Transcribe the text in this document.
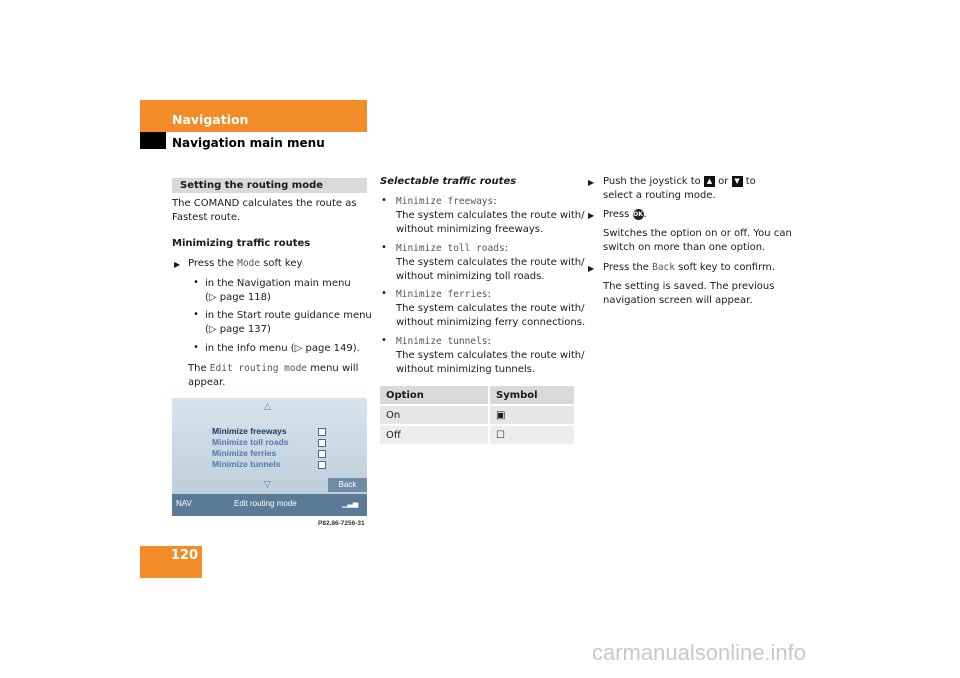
Navigation
Navigation main menu
Setting the routing mode
The COMAND calculates the route as
Fastest route.
Minimizing traffic routes
▶ Press the Mode soft key
• in the Navigation main menu
(▷ page 118)
• in the Start route guidance menu
(▷ page 137)
• in the Info menu (▷ page 149).
The Edit routing mode menu will
appear.
△
Minimize freeways
Minimize toll roads
Minimize ferries
Minimize tunnels
▽	Back
NAV	Edit routing mode	▁▃▅
P82.86-7256-31
Selectable traffic routes
• Minimize freeways:
The system calculates the route with/
without minimizing freeways.
• Minimize toll roads:
The system calculates the route with/
without minimizing toll roads.
• Minimize ferries:
The system calculates the route with/
without minimizing ferry connections.
• Minimize tunnels:
The system calculates the route with/
without minimizing tunnels.
Option	Symbol
On	▣
Off	☐
▶ Push the joystick to ▲ or ▼ to
select a routing mode.
▶ Press OK.
Switches the option on or off. You can
switch on more than one option.
▶ Press the Back soft key to confirm.
The setting is saved. The previous
navigation screen will appear.
120
carmanualsonline.info
